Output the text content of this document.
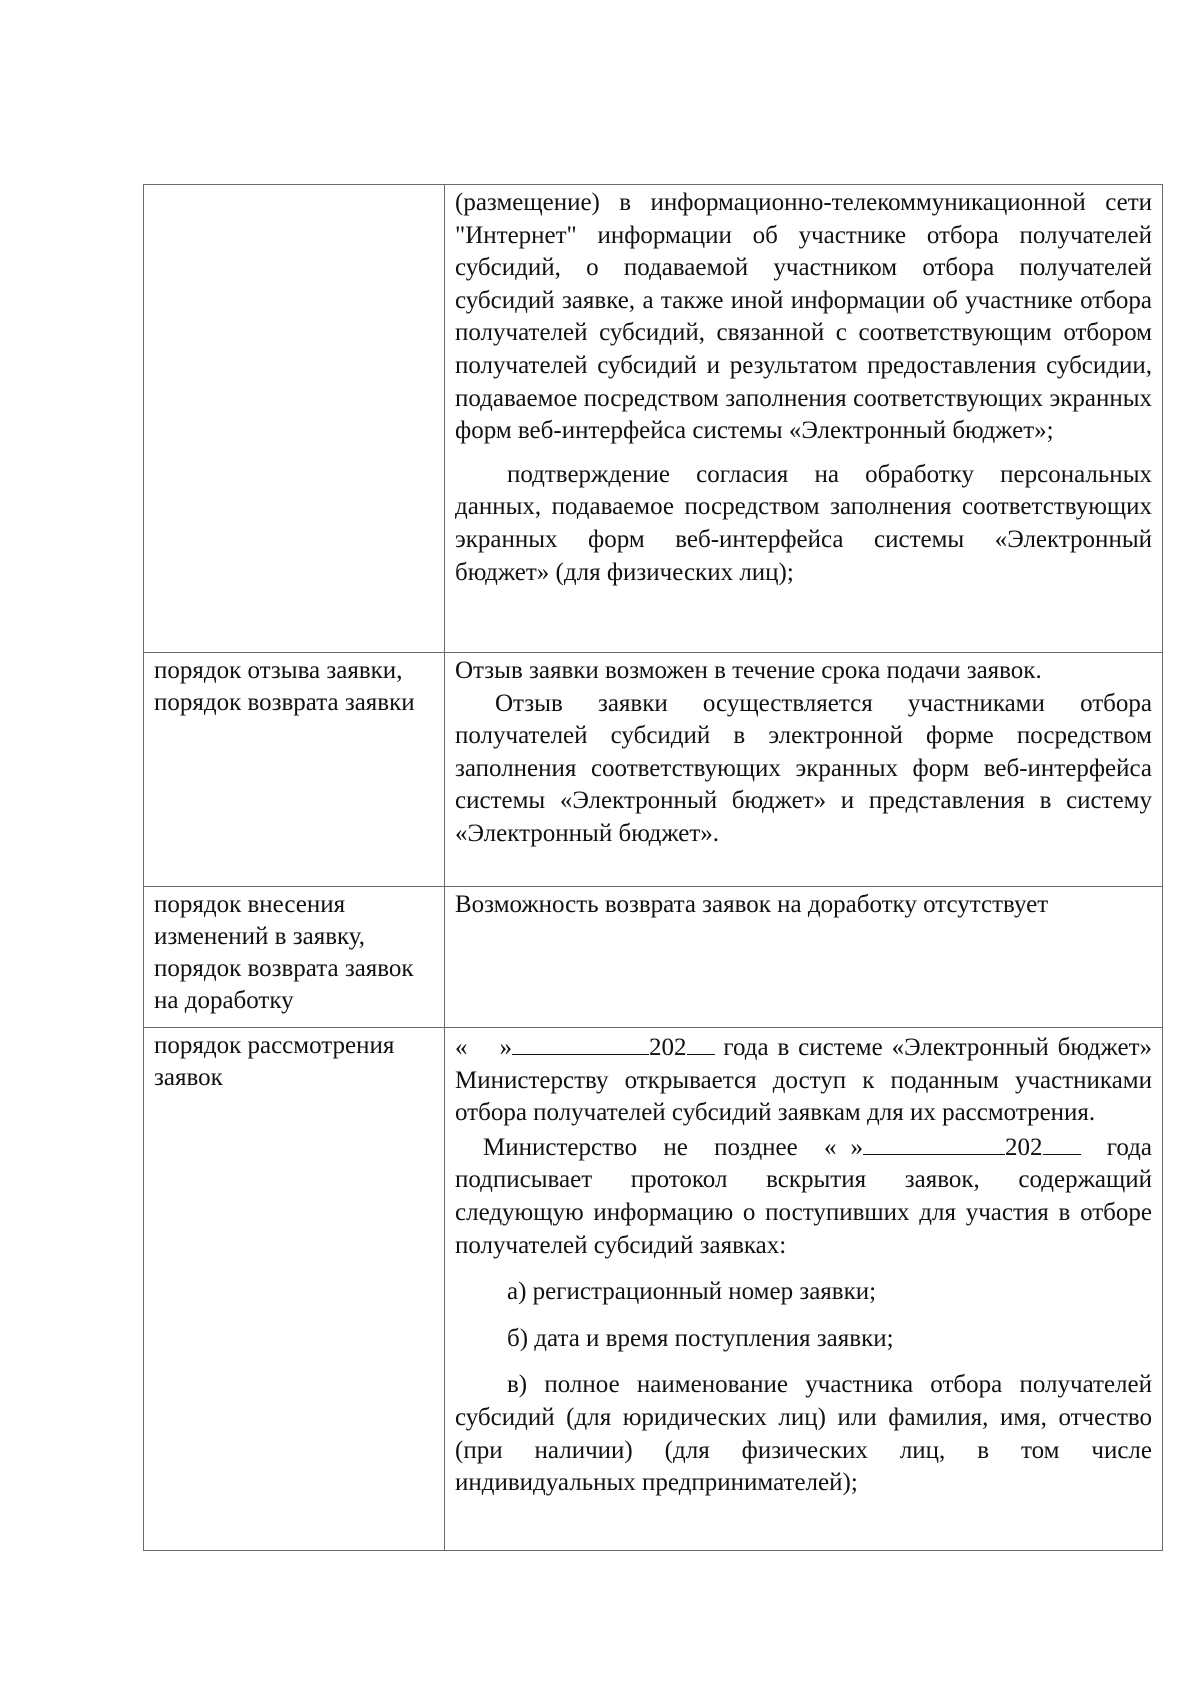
	(размещение) в информационно-телекоммуникационной сети "Интернет" информации об участнике отбора получателей субсидий, о подаваемой участником отбора получателей субсидий заявке, а также иной информации об участнике отбора получателей субсидий, связанной с соответствующим отбором получателей субсидий и результатом предоставления субсидии, подаваемое посредством заполнения соответствующих экранных форм веб-интерфейса системы «Электронный бюджет»;

подтверждение согласия на обработку персональных данных, подаваемое посредством заполнения соответствующих экранных форм веб-интерфейса системы «Электронный бюджет» (для физических лиц);

порядок отзыва заявки, порядок возврата заявки	Отзыв заявки возможен в течение срока подачи заявок.

Отзыв заявки осуществляется участниками отбора получателей субсидий в электронной форме посредством заполнения соответствующих экранных форм веб-интерфейса системы «Электронный бюджет» и представления в систему «Электронный бюджет».

порядок внесения изменений в заявку, порядок возврата заявок на доработку	Возможность возврата заявок на доработку отсутствует

порядок рассмотрения заявок	« » 202 года в системе «Электронный бюджет» Министерству открывается доступ к поданным участниками отбора получателей субсидий заявкам для их рассмотрения.

Министерство не позднее « » 202 года подписывает протокол вскрытия заявок, содержащий следующую информацию о поступивших для участия в отборе получателей субсидий заявках:

а) регистрационный номер заявки;

б) дата и время поступления заявки;

в) полное наименование участника отбора получателей субсидий (для юридических лиц) или фамилия, имя, отчество (при наличии) (для физических лиц, в том числе индивидуальных предпринимателей);
